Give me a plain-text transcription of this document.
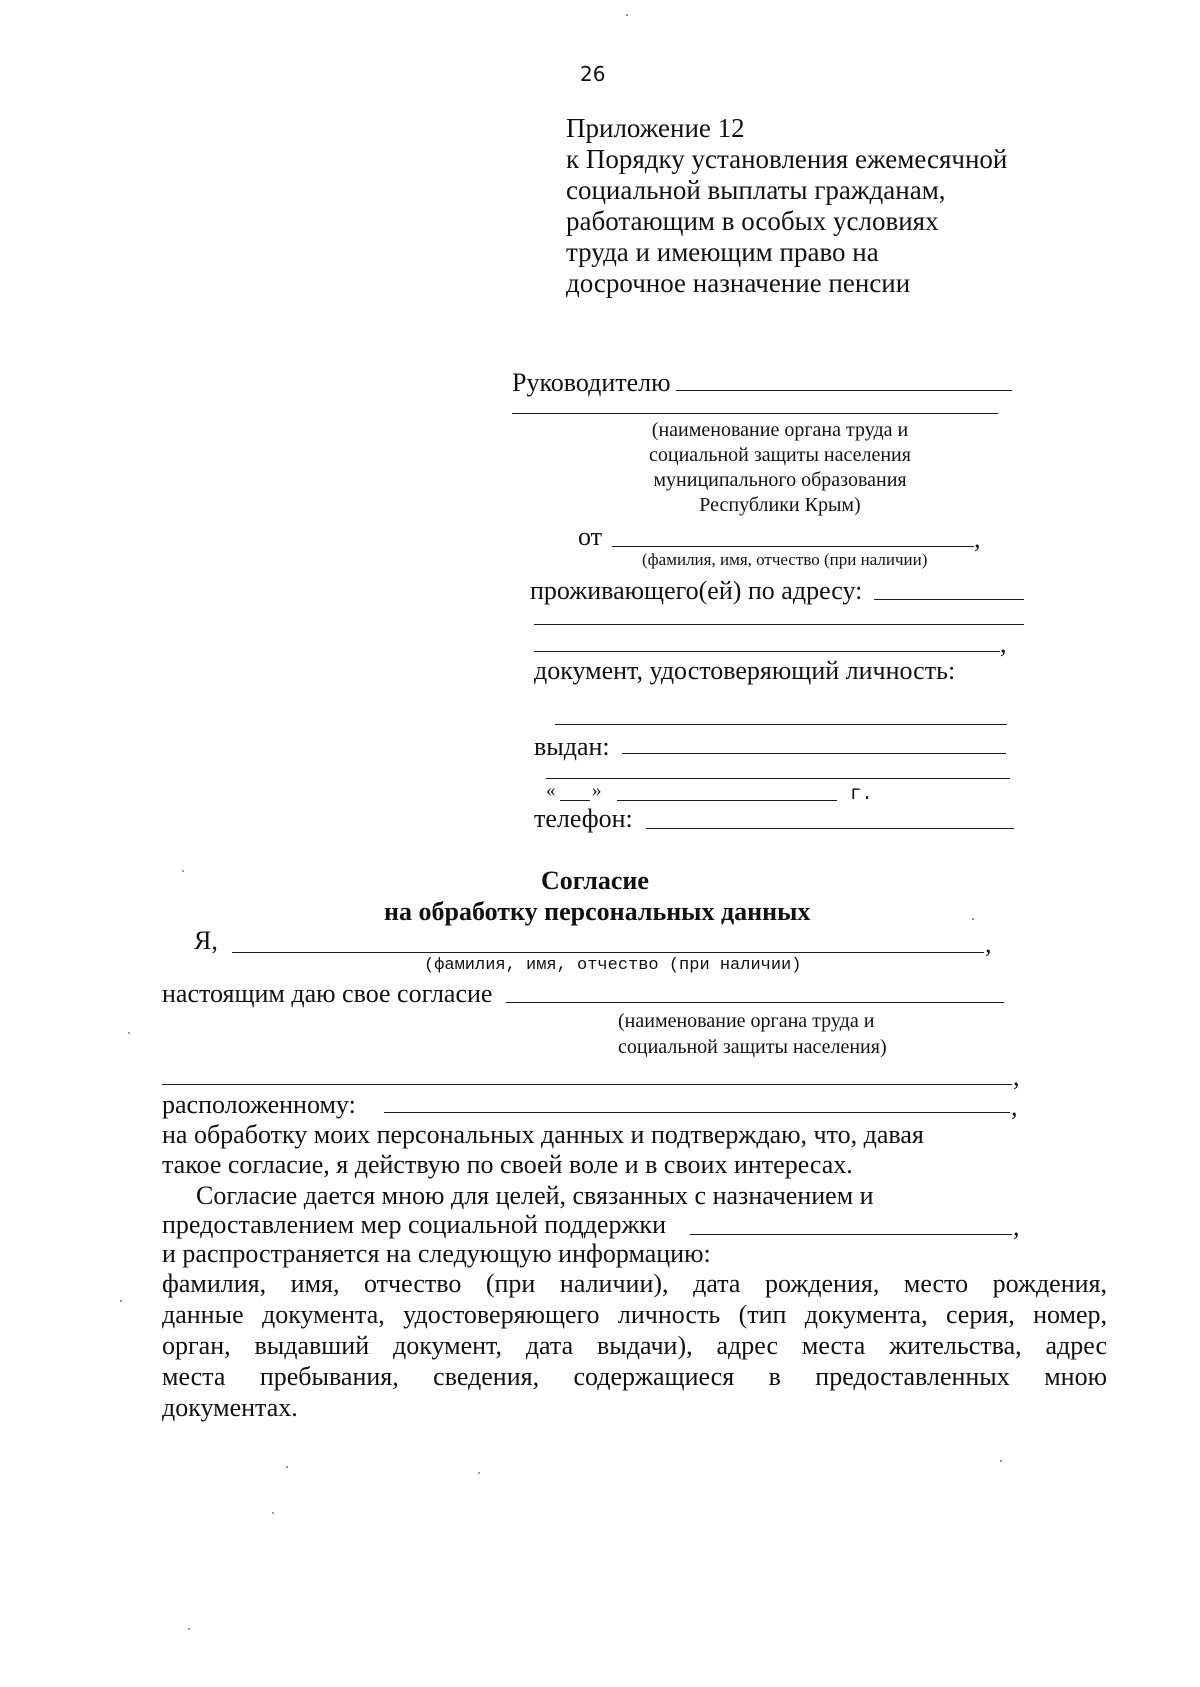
26
Приложение 12
к Порядку установления ежемесячной
социальной выплаты гражданам,
работающим в особых условиях
труда и имеющим право на
досрочное назначение пенсии
Руководителю
(наименование органа труда и
социальной защиты населения
муниципального образования
Республики Крым)
от	,
(фамилия, имя, отчество (при наличии)
проживающего(ей) по адресу:
,
документ, удостоверяющий личность:
выдан:
« »	г.
телефон:
Согласие
на обработку персональных данных
Я,	,
(фамилия, имя, отчество (при наличии)
настоящим даю свое согласие
(наименование органа труда и
социальной защиты населения)
,
расположенному:	,
на обработку моих персональных данных и подтверждаю, что, давая
такое согласие, я действую по своей воле и в своих интересах.
Согласие дается мною для целей, связанных с назначением и
предоставлением мер социальной поддержки	,
и распространяется на следующую информацию:
фамилия, имя, отчество (при наличии), дата рождения, место рождения,
данные документа, удостоверяющего личность (тип документа, серия, номер,
орган, выдавший документ, дата выдачи), адрес места жительства, адрес
места пребывания, сведения, содержащиеся в предоставленных мною
документах.
